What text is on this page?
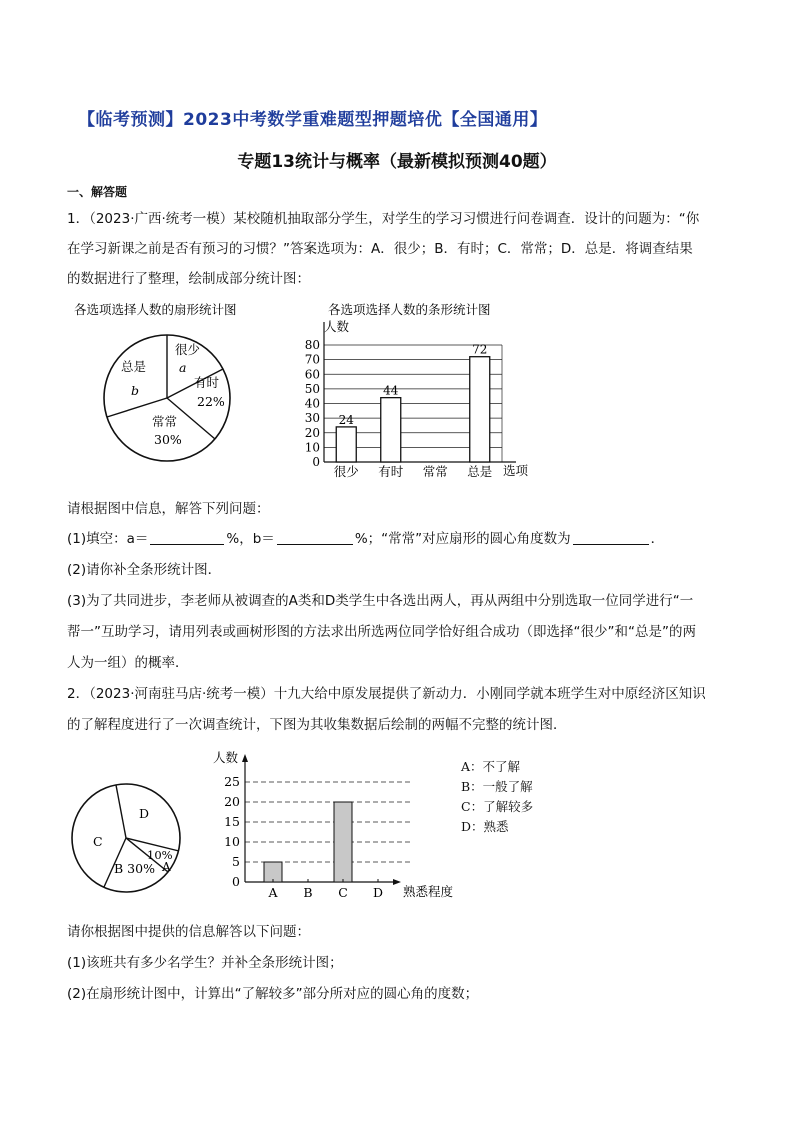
【临考预测】2023中考数学重难题型押题培优【全国通用】
专题13统计与概率（最新模拟预测40题）
一、解答题
1．（2023·广西·统考一模）某校随机抽取部分学生，对学生的学习习惯进行问卷调查．设计的问题为：“你
在学习新课之前是否有预习的习惯？”答案选项为：A．很少；B．有时；C．常常；D．总是．将调查结果
的数据进行了整理，绘制成部分统计图：
各选项选择人数的扇形统计图
很少
a
有时
22%
常常
30%
总是
b
各选项选择人数的条形统计图
人数
选项
0
10
20
30
40
50
60
70
80
24
很少
44
有时 常常
72
总是
请根据图中信息，解答下列问题：
(1)填空：a＝	%，b＝	%；“常常”对应扇形的圆心角度数为	．
(2)请你补全条形统计图．
(3)为了共同进步，李老师从被调查的A类和D类学生中各选出两人，再从两组中分别选取一位同学进行“一
帮一”互助学习，请用列表或画树形图的方法求出所选两位同学恰好组合成功（即选择“很少”和“总是”的两
人为一组）的概率．
2．（2023·河南驻马店·统考一模）十九大给中原发展提供了新动力．小刚同学就本班学生对中原经济区知识
的了解程度进行了一次调查统计，下图为其收集数据后绘制的两幅不完整的统计图．
D
C
B 30%
10%
A
人数
熟悉程度
0
5
10
15
20
25
A B C D
A：不了解
B：一般了解
C：了解较多
D：熟悉
请你根据图中提供的信息解答以下问题：
(1)该班共有多少名学生？并补全条形统计图；
(2)在扇形统计图中，计算出“了解较多”部分所对应的圆心角的度数；
